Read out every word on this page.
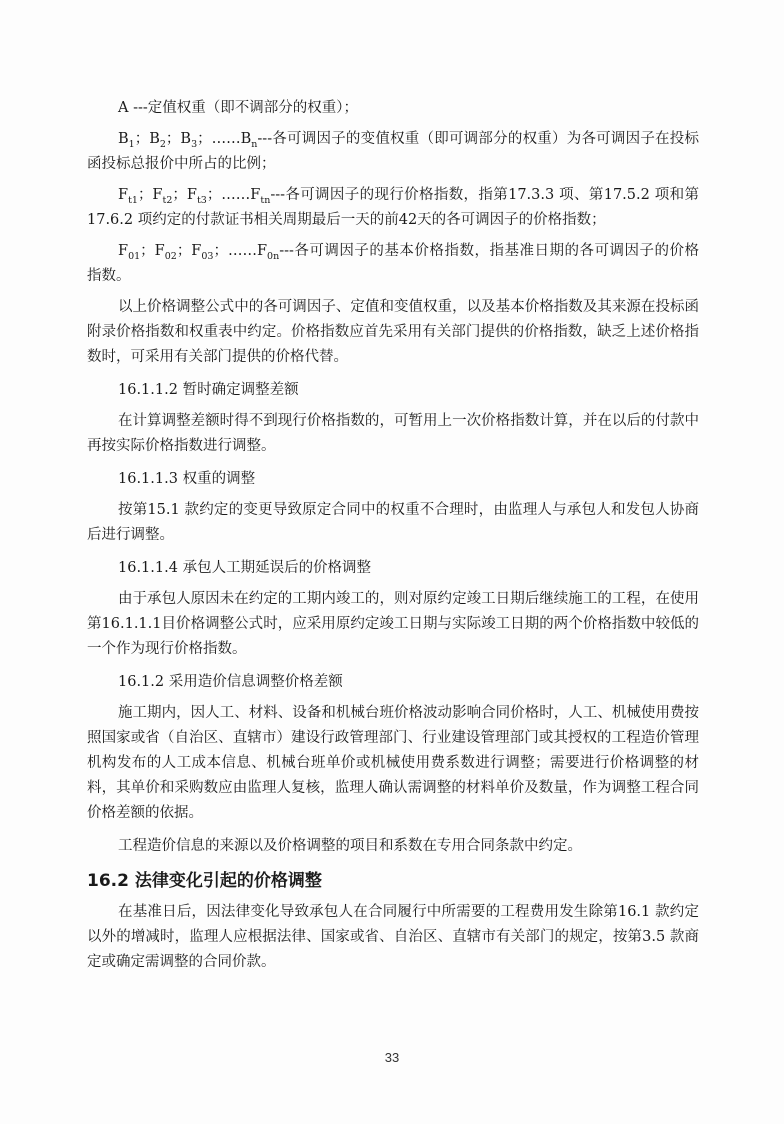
A ---定值权重（即不调部分的权重）；

$B_1$；$B_2$；$B_3$；$\dots\dots B_n---$各可调因子的变值权重（即可调部分的权重）为各可调因子在投标函投标总报价中所占的比例；

$F_{t1}$；$F_{t2}$；$F_{t3}$；$\dots\dots F_{tn}---$各可调因子的现行价格指数，指第17.3.3 项、第17.5.2 项和第17.6.2 项约定的付款证书相关周期最后一天的前42天的各可调因子的价格指数；

$F_{01}$；$F_{02}$；$F_{03}$；$\dots\dots F_{0n}---$各可调因子的基本价格指数，指基准日期的各可调因子的价格指数。

以上价格调整公式中的各可调因子、定值和变值权重，以及基本价格指数及其来源在投标函附录价格指数和权重表中约定。价格指数应首先采用有关部门提供的价格指数，缺乏上述价格指数时，可采用有关部门提供的价格代替。

16.1.1.2 暂时确定调整差额

在计算调整差额时得不到现行价格指数的，可暂用上一次价格指数计算，并在以后的付款中再按实际价格指数进行调整。

16.1.1.3 权重的调整

按第15.1 款约定的变更导致原定合同中的权重不合理时，由监理人与承包人和发包人协商后进行调整。

16.1.1.4 承包人工期延误后的价格调整

由于承包人原因未在约定的工期内竣工的，则对原约定竣工日期后继续施工的工程，在使用第16.1.1.1目价格调整公式时，应采用原约定竣工日期与实际竣工日期的两个价格指数中较低的一个作为现行价格指数。

16.1.2 采用造价信息调整价格差额

施工期内，因人工、材料、设备和机械台班价格波动影响合同价格时，人工、机械使用费按照国家或省（自治区、直辖市）建设行政管理部门、行业建设管理部门或其授权的工程造价管理机构发布的人工成本信息、机械台班单价或机械使用费系数进行调整；需要进行价格调整的材料，其单价和采购数应由监理人复核，监理人确认需调整的材料单价及数量，作为调整工程合同价格差额的依据。

工程造价信息的来源以及价格调整的项目和系数在专用合同条款中约定。

16.2 法律变化引起的价格调整

在基准日后，因法律变化导致承包人在合同履行中所需要的工程费用发生除第16.1 款约定以外的增减时，监理人应根据法律、国家或省、自治区、直辖市有关部门的规定，按第3.5 款商定或确定需调整的合同价款。

33
